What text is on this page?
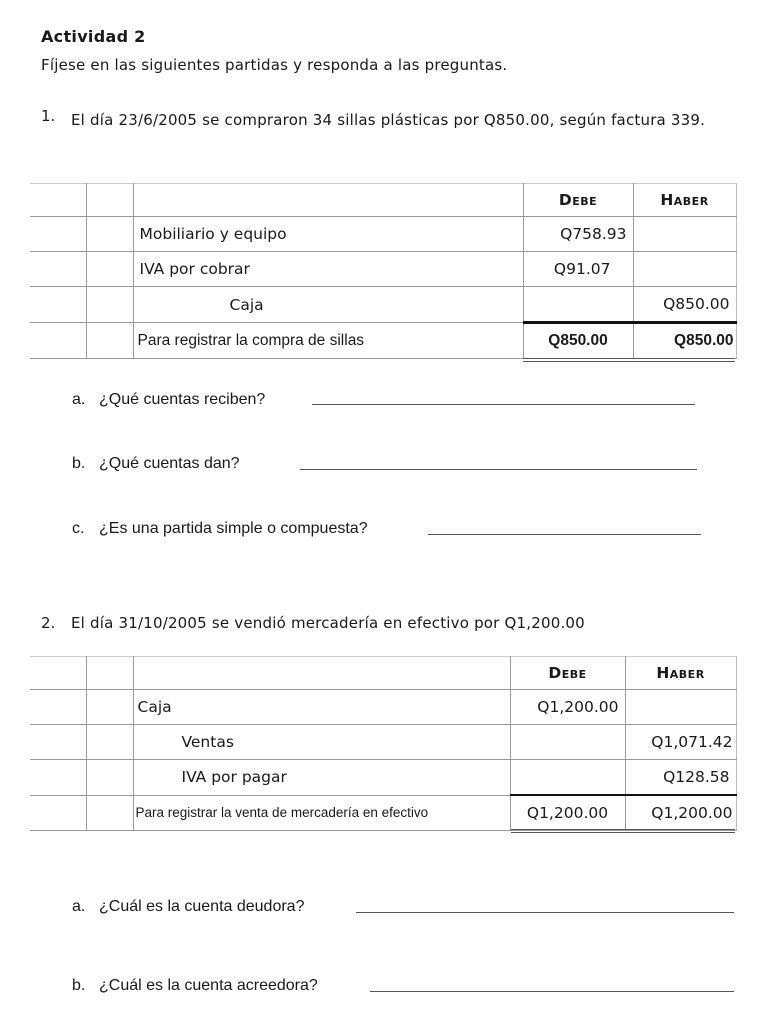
Actividad 2
Fíjese en las siguientes partidas y responda a las preguntas.
1. El día 23/6/2005 se compraron 34 sillas plásticas por Q850.00, según factura 339.
			Debe	Haber
		Mobiliario y equipo	Q758.93	
		IVA por cobrar	Q91.07	
		Caja		Q850.00
		Para registrar la compra de sillas	Q850.00	Q850.00
a. ¿Qué cuentas reciben?
b. ¿Qué cuentas dan?
c. ¿Es una partida simple o compuesta?
2. El día 31/10/2005 se vendió mercadería en efectivo por Q1,200.00
			Debe	Haber
		Caja	Q1,200.00	
		Ventas		Q1,071.42
		IVA por pagar		Q128.58
		Para registrar la venta de mercadería en efectivo	Q1,200.00	Q1,200.00
a. ¿Cuál es la cuenta deudora?
b. ¿Cuál es la cuenta acreedora?
